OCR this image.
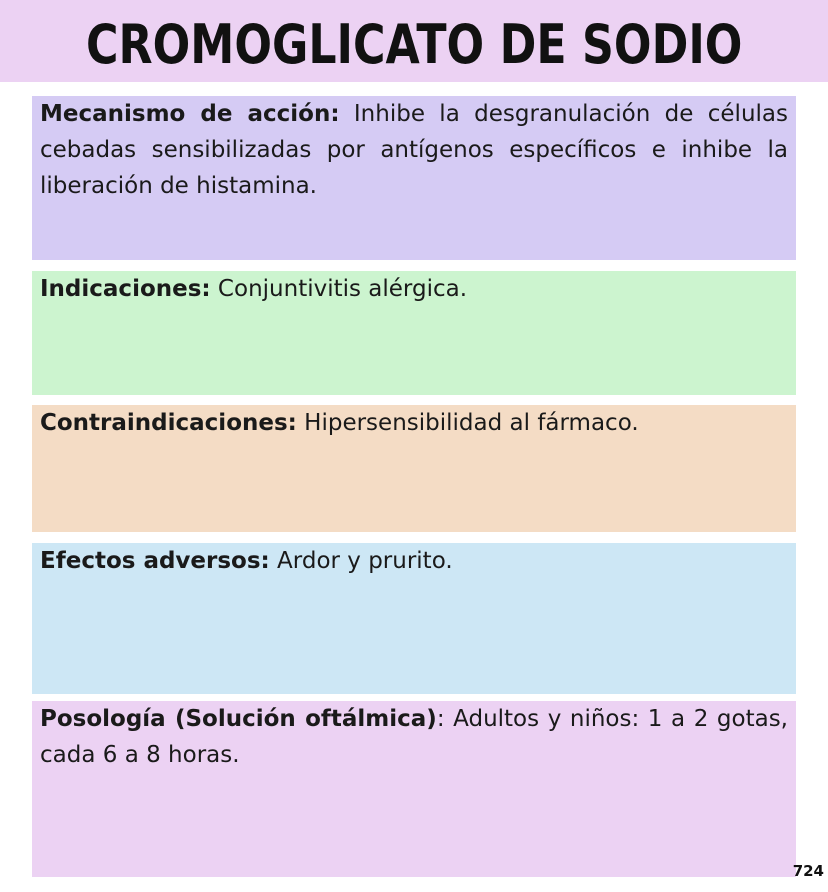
CROMOGLICATO DE SODIO

Mecanismo de acción: Inhibe la desgranulación de células cebadas sensibilizadas por antígenos específicos e inhibe la liberación de histamina.

Indicaciones: Conjuntivitis alérgica.

Contraindicaciones: Hipersensibilidad al fármaco.

Efectos adversos: Ardor y prurito.

Posología (Solución oftálmica): Adultos y niños: 1 a 2 gotas, cada 6 a 8 horas.

724
